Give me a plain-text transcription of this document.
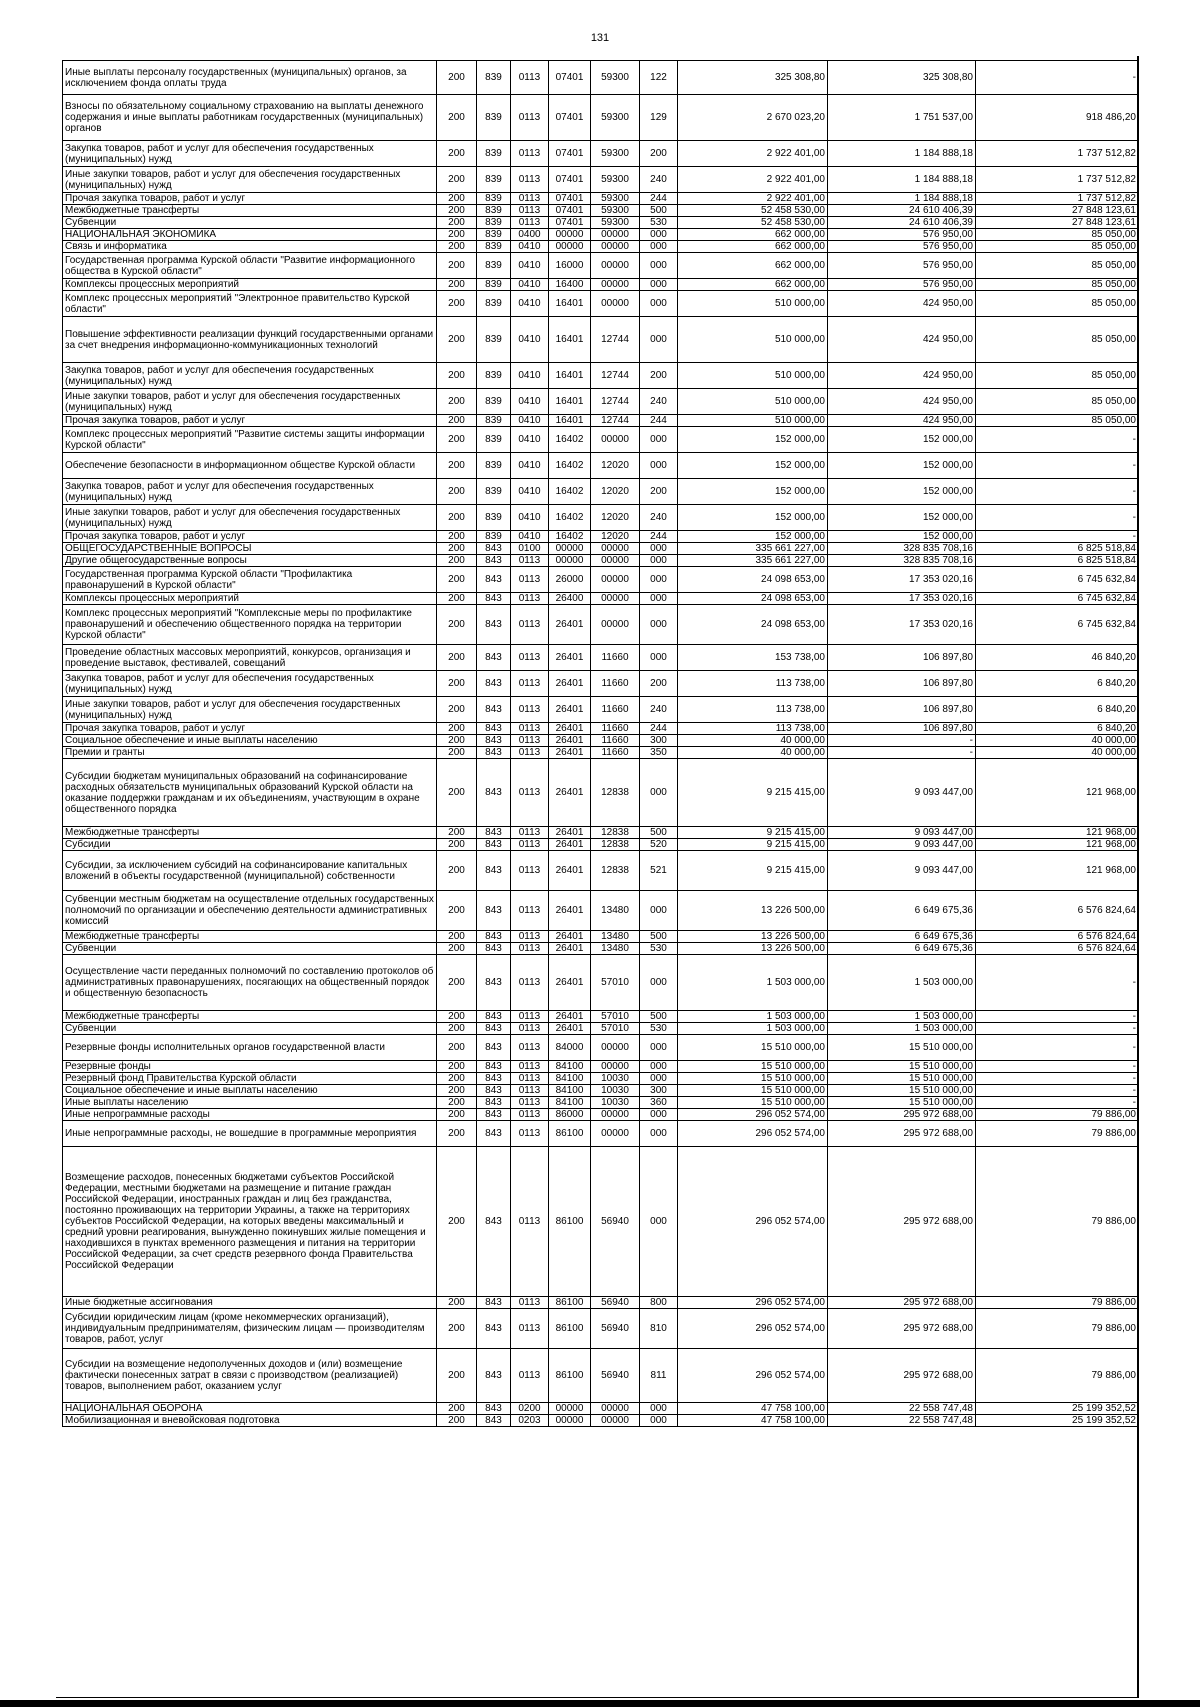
131
Иные выплаты персоналу государственных (муниципальных) органов, за исключением фонда оплаты труда	200	839	0113	07401	59300	122	325 308,80	325 308,80	-
Взносы по обязательному социальному страхованию на выплаты денежного содержания и иные выплаты работникам государственных (муниципальных) органов	200	839	0113	07401	59300	129	2 670 023,20	1 751 537,00	918 486,20
Закупка товаров, работ и услуг для обеспечения государственных (муниципальных) нужд	200	839	0113	07401	59300	200	2 922 401,00	1 184 888,18	1 737 512,82
Иные закупки товаров, работ и услуг для обеспечения государственных (муниципальных) нужд	200	839	0113	07401	59300	240	2 922 401,00	1 184 888,18	1 737 512,82
Прочая закупка товаров, работ и услуг	200	839	0113	07401	59300	244	2 922 401,00	1 184 888,18	1 737 512,82
Межбюджетные трансферты	200	839	0113	07401	59300	500	52 458 530,00	24 610 406,39	27 848 123,61
Субвенции	200	839	0113	07401	59300	530	52 458 530,00	24 610 406,39	27 848 123,61
НАЦИОНАЛЬНАЯ ЭКОНОМИКА	200	839	0400	00000	00000	000	662 000,00	576 950,00	85 050,00
Связь и информатика	200	839	0410	00000	00000	000	662 000,00	576 950,00	85 050,00
Государственная программа Курской области "Развитие информационного общества в Курской области"	200	839	0410	16000	00000	000	662 000,00	576 950,00	85 050,00
Комплексы процессных мероприятий	200	839	0410	16400	00000	000	662 000,00	576 950,00	85 050,00
Комплекс процессных мероприятий "Электронное правительство Курской области"	200	839	0410	16401	00000	000	510 000,00	424 950,00	85 050,00
Повышение эффективности реализации функций государственными органами за счет внедрения информационно-коммуникационных технологий	200	839	0410	16401	12744	000	510 000,00	424 950,00	85 050,00
Закупка товаров, работ и услуг для обеспечения государственных (муниципальных) нужд	200	839	0410	16401	12744	200	510 000,00	424 950,00	85 050,00
Иные закупки товаров, работ и услуг для обеспечения государственных (муниципальных) нужд	200	839	0410	16401	12744	240	510 000,00	424 950,00	85 050,00
Прочая закупка товаров, работ и услуг	200	839	0410	16401	12744	244	510 000,00	424 950,00	85 050,00
Комплекс процессных мероприятий "Развитие системы защиты информации Курской области"	200	839	0410	16402	00000	000	152 000,00	152 000,00	-
Обеспечение безопасности в информационном обществе Курской области	200	839	0410	16402	12020	000	152 000,00	152 000,00	-
Закупка товаров, работ и услуг для обеспечения государственных (муниципальных) нужд	200	839	0410	16402	12020	200	152 000,00	152 000,00	-
Иные закупки товаров, работ и услуг для обеспечения государственных (муниципальных) нужд	200	839	0410	16402	12020	240	152 000,00	152 000,00	-
Прочая закупка товаров, работ и услуг	200	839	0410	16402	12020	244	152 000,00	152 000,00	-
ОБЩЕГОСУДАРСТВЕННЫЕ ВОПРОСЫ	200	843	0100	00000	00000	000	335 661 227,00	328 835 708,16	6 825 518,84
Другие общегосударственные вопросы	200	843	0113	00000	00000	000	335 661 227,00	328 835 708,16	6 825 518,84
Государственная программа Курской области "Профилактика правонарушений в Курской области"	200	843	0113	26000	00000	000	24 098 653,00	17 353 020,16	6 745 632,84
Комплексы процессных мероприятий	200	843	0113	26400	00000	000	24 098 653,00	17 353 020,16	6 745 632,84
Комплекс процессных мероприятий "Комплексные меры по профилактике правонарушений и обеспечению общественного порядка на территории Курской области"	200	843	0113	26401	00000	000	24 098 653,00	17 353 020,16	6 745 632,84
Проведение областных массовых мероприятий, конкурсов, организация и проведение выставок, фестивалей, совещаний	200	843	0113	26401	11660	000	153 738,00	106 897,80	46 840,20
Закупка товаров, работ и услуг для обеспечения государственных (муниципальных) нужд	200	843	0113	26401	11660	200	113 738,00	106 897,80	6 840,20
Иные закупки товаров, работ и услуг для обеспечения государственных (муниципальных) нужд	200	843	0113	26401	11660	240	113 738,00	106 897,80	6 840,20
Прочая закупка товаров, работ и услуг	200	843	0113	26401	11660	244	113 738,00	106 897,80	6 840,20
Социальное обеспечение и иные выплаты населению	200	843	0113	26401	11660	300	40 000,00	-	40 000,00
Премии и гранты	200	843	0113	26401	11660	350	40 000,00	-	40 000,00
Субсидии бюджетам муниципальных образований на софинансирование расходных обязательств муниципальных образований Курской области на оказание поддержки гражданам и их объединениям, участвующим в охране общественного порядка	200	843	0113	26401	12838	000	9 215 415,00	9 093 447,00	121 968,00
Межбюджетные трансферты	200	843	0113	26401	12838	500	9 215 415,00	9 093 447,00	121 968,00
Субсидии	200	843	0113	26401	12838	520	9 215 415,00	9 093 447,00	121 968,00
Субсидии, за исключением субсидий на софинансирование капитальных вложений в объекты государственной (муниципальной) собственности	200	843	0113	26401	12838	521	9 215 415,00	9 093 447,00	121 968,00
Субвенции местным бюджетам на осуществление отдельных государственных полномочий по организации и обеспечению деятельности административных комиссий	200	843	0113	26401	13480	000	13 226 500,00	6 649 675,36	6 576 824,64
Межбюджетные трансферты	200	843	0113	26401	13480	500	13 226 500,00	6 649 675,36	6 576 824,64
Субвенции	200	843	0113	26401	13480	530	13 226 500,00	6 649 675,36	6 576 824,64
Осуществление части переданных полномочий по составлению протоколов об административных правонарушениях, посягающих на общественный порядок и общественную безопасность	200	843	0113	26401	57010	000	1 503 000,00	1 503 000,00	-
Межбюджетные трансферты	200	843	0113	26401	57010	500	1 503 000,00	1 503 000,00	-
Субвенции	200	843	0113	26401	57010	530	1 503 000,00	1 503 000,00	-
Резервные фонды исполнительных органов государственной власти	200	843	0113	84000	00000	000	15 510 000,00	15 510 000,00	-
Резервные фонды	200	843	0113	84100	00000	000	15 510 000,00	15 510 000,00	-
Резервный фонд Правительства Курской области	200	843	0113	84100	10030	000	15 510 000,00	15 510 000,00	-
Социальное обеспечение и иные выплаты населению	200	843	0113	84100	10030	300	15 510 000,00	15 510 000,00	-
Иные выплаты населению	200	843	0113	84100	10030	360	15 510 000,00	15 510 000,00	-
Иные непрограммные расходы	200	843	0113	86000	00000	000	296 052 574,00	295 972 688,00	79 886,00
Иные непрограммные расходы, не вошедшие в программные мероприятия	200	843	0113	86100	00000	000	296 052 574,00	295 972 688,00	79 886,00
Возмещение расходов, понесенных бюджетами субъектов Российской Федерации, местными бюджетами на размещение и питание граждан Российской Федерации, иностранных граждан и лиц без гражданства, постоянно проживающих на территории Украины, а также на территориях субъектов Российской Федерации, на которых введены максимальный и средний уровни реагирования, вынужденно покинувших жилые помещения и находившихся в пунктах временного размещения и питания на территории Российской Федерации, за счет средств резервного фонда Правительства Российской Федерации	200	843	0113	86100	56940	000	296 052 574,00	295 972 688,00	79 886,00
Иные бюджетные ассигнования	200	843	0113	86100	56940	800	296 052 574,00	295 972 688,00	79 886,00
Субсидии юридическим лицам (кроме некоммерческих организаций), индивидуальным предпринимателям, физическим лицам — производителям товаров, работ, услуг	200	843	0113	86100	56940	810	296 052 574,00	295 972 688,00	79 886,00
Субсидии на возмещение недополученных доходов и (или) возмещение фактически понесенных затрат в связи с производством (реализацией) товаров, выполнением работ, оказанием услуг	200	843	0113	86100	56940	811	296 052 574,00	295 972 688,00	79 886,00
НАЦИОНАЛЬНАЯ ОБОРОНА	200	843	0200	00000	00000	000	47 758 100,00	22 558 747,48	25 199 352,52
Мобилизационная и вневойсковая подготовка	200	843	0203	00000	00000	000	47 758 100,00	22 558 747,48	25 199 352,52
